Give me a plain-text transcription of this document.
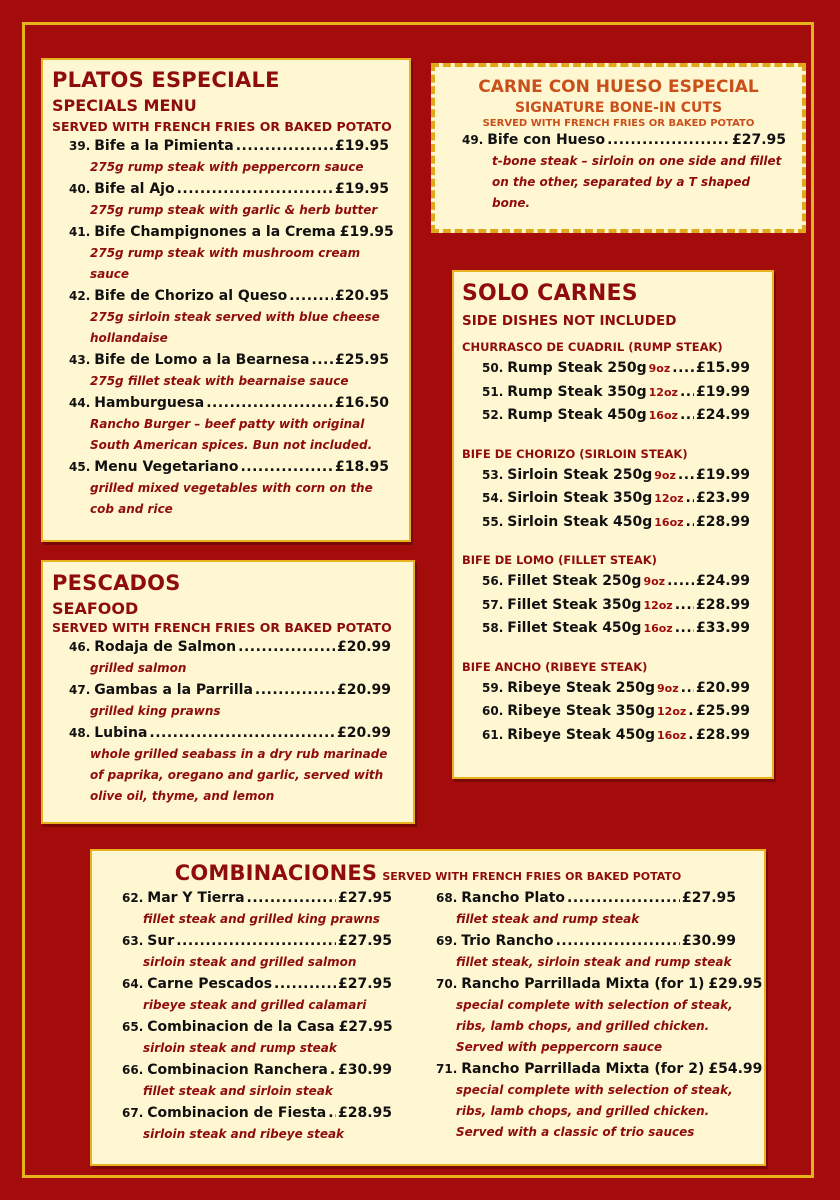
PLATOS ESPECIALE
SPECIALS MENU
SERVED WITH FRENCH FRIES OR BAKED POTATO
39. Bife a la Pimienta .....	£19.95
275g rump steak with peppercorn sauce
40. Bife al Ajo .....	£19.95
275g rump steak with garlic & herb butter
41. Bife Champignones a la Crema £19.95
275g rump steak with mushroom cream sauce
42. Bife de Chorizo al Queso .....	£20.95
275g sirloin steak served with blue cheese hollandaise
43. Bife de Lomo a la Bearnesa ..... £25.95
275g fillet steak with bearnaise sauce
44. Hamburguesa .....	£16.50
Rancho Burger – beef patty with original South American spices. Bun not included.
45. Menu Vegetariano .....	£18.95
grilled mixed vegetables with corn on the cob and rice
CARNE CON HUESO ESPECIAL
SIGNATURE BONE-IN CUTS
SERVED WITH FRENCH FRIES OR BAKED POTATO
49. Bife con Hueso .....	£27.95
t-bone steak – sirloin on one side and fillet on the other, separated by a T shaped bone.
SOLO CARNES
SIDE DISHES NOT INCLUDED
CHURRASCO DE CUADRIL (RUMP STEAK)
50. Rump Steak 250g 9oz ..... £15.99
51. Rump Steak 350g 12oz ..... £19.99
52. Rump Steak 450g 16oz ..... £24.99
BIFE DE CHORIZO (SIRLOIN STEAK)
53. Sirloin Steak 250g 9oz ..... £19.99
54. Sirloin Steak 350g 12oz ..... £23.99
55. Sirloin Steak 450g 16oz ..... £28.99
BIFE DE LOMO (FILLET STEAK)
56. Fillet Steak 250g 9oz ..... £24.99
57. Fillet Steak 350g 12oz ..... £28.99
58. Fillet Steak 450g 16oz ..... £33.99
BIFE ANCHO (RIBEYE STEAK)
59. Ribeye Steak 250g 9oz ..... £20.99
60. Ribeye Steak 350g 12oz ..... £25.99
61. Ribeye Steak 450g 16oz ..... £28.99
PESCADOS
SEAFOOD
SERVED WITH FRENCH FRIES OR BAKED POTATO
46. Rodaja de Salmon .....	£20.99
grilled salmon
47. Gambas a la Parrilla .....	£20.99
grilled king prawns
48. Lubina .....	£20.99
whole grilled seabass in a dry rub marinade of paprika, oregano and garlic, served with olive oil, thyme, and lemon
COMBINACIONES SERVED WITH FRENCH FRIES OR BAKED POTATO
62. Mar Y Tierra .....	£27.95
fillet steak and grilled king prawns
63. Sur .....	£27.95
sirloin steak and grilled salmon
64. Carne Pescados .....	£27.95
ribeye steak and grilled calamari
65. Combinacion de la Casa £27.95
sirloin steak and rump steak
66. Combinacion Ranchera ..... £30.99
fillet steak and sirloin steak
67. Combinacion de Fiesta ..... £28.95
sirloin steak and ribeye steak
68. Rancho Plato .....	£27.95
fillet steak and rump steak
69. Trio Rancho .....	£30.99
fillet steak, sirloin steak and rump steak
70. Rancho Parrillada Mixta (for 1) £29.95
special complete with selection of steak, ribs, lamb chops, and grilled chicken. Served with peppercorn sauce
71. Rancho Parrillada Mixta (for 2) £54.99
special complete with selection of steak, ribs, lamb chops, and grilled chicken. Served with a classic of trio sauces
